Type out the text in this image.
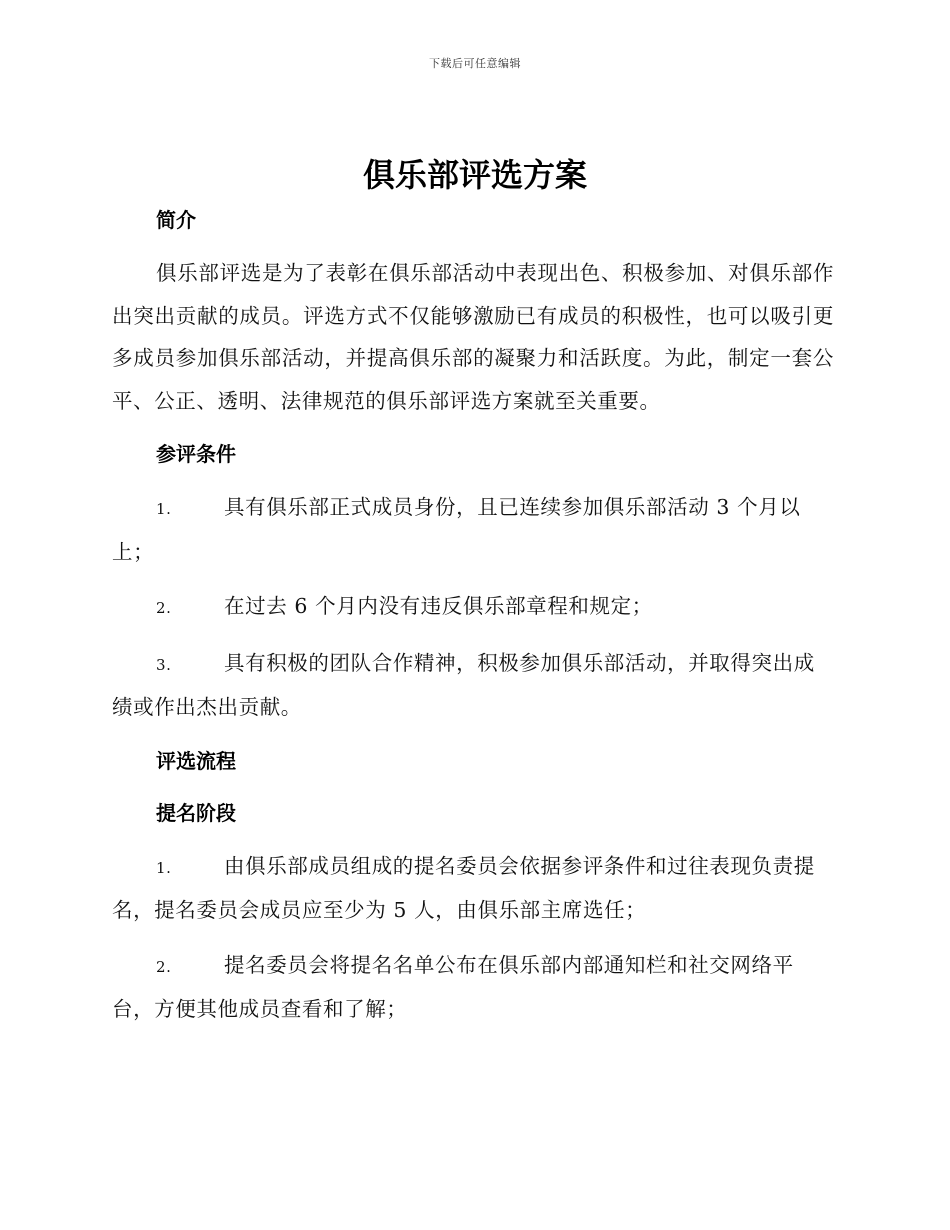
下载后可任意编辑
俱乐部评选方案
简介
俱乐部评选是为了表彰在俱乐部活动中表现出色、积极参加、对俱乐部作出突出贡献的成员。评选方式不仅能够激励已有成员的积极性，也可以吸引更多成员参加俱乐部活动，并提高俱乐部的凝聚力和活跃度。为此，制定一套公平、公正、透明、法律规范的俱乐部评选方案就至关重要。
参评条件
1.	具有俱乐部正式成员身份，且已连续参加俱乐部活动 3 个月以上；
2.	在过去 6 个月内没有违反俱乐部章程和规定；
3.	具有积极的团队合作精神，积极参加俱乐部活动，并取得突出成绩或作出杰出贡献。
评选流程
提名阶段
1.	由俱乐部成员组成的提名委员会依据参评条件和过往表现负责提名，提名委员会成员应至少为 5 人，由俱乐部主席选任；
2.	提名委员会将提名名单公布在俱乐部内部通知栏和社交网络平台，方便其他成员查看和了解；
